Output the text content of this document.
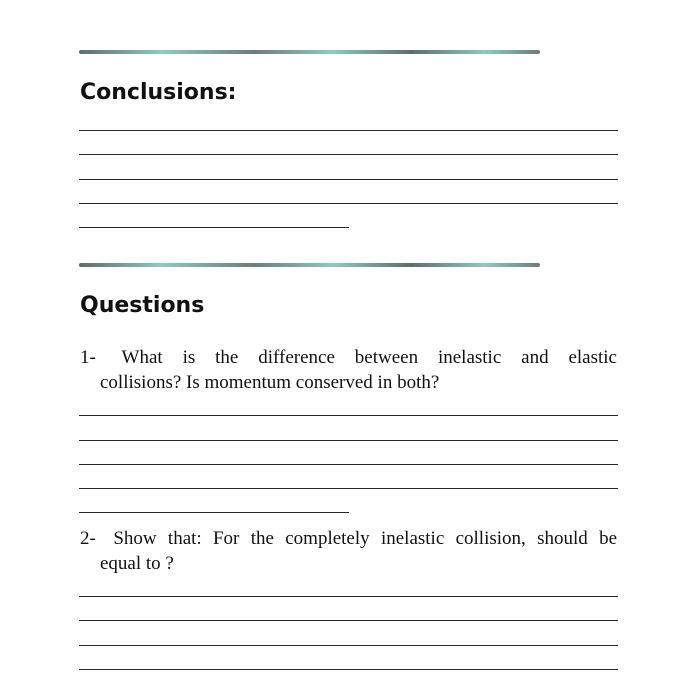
Conclusions:
Questions
1- What is the difference between inelastic and elastic
collisions? Is momentum conserved in both?
2- Show that: For the completely inelastic collision, should be
equal to ?
